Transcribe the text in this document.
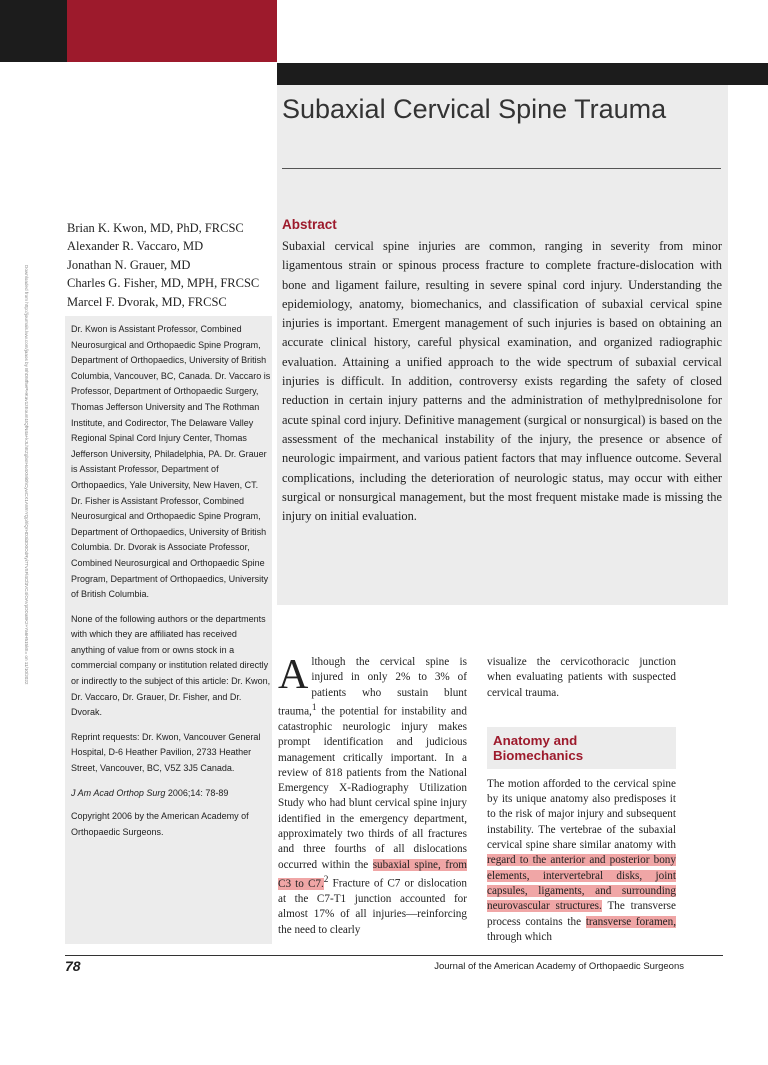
Subaxial Cervical Spine Trauma
Downloaded from http://journals.lww.com/jaaos by BhDMf5ePHKav1zEoum1tQfN4a+kJLhEZgbsIHo4XMi0hCywCX1AWnYQp/IlQrHD3i3D0OdRyi7TvSFl4Cf3VC4/OAVpDDa8K2+Ya6H515kE= on 11/10/2022
Brian K. Kwon, MD, PhD, FRCSC
Alexander R. Vaccaro, MD
Jonathan N. Grauer, MD
Charles G. Fisher, MD, MPH, FRCSC
Marcel F. Dvorak, MD, FRCSC

Dr. Kwon is Assistant Professor, Combined Neurosurgical and Orthopaedic Spine Program, Department of Orthopaedics, University of British Columbia, Vancouver, BC, Canada. Dr. Vaccaro is Professor, Department of Orthopaedic Surgery, Thomas Jefferson University and The Rothman Institute, and Codirector, The Delaware Valley Regional Spinal Cord Injury Center, Thomas Jefferson University, Philadelphia, PA. Dr. Grauer is Assistant Professor, Department of Orthopaedics, Yale University, New Haven, CT. Dr. Fisher is Assistant Professor, Combined Neurosurgical and Orthopaedic Spine Program, Department of Orthopaedics, University of British Columbia. Dr. Dvorak is Associate Professor, Combined Neurosurgical and Orthopaedic Spine Program, Department of Orthopaedics, University of British Columbia.

None of the following authors or the departments with which they are affiliated has received anything of value from or owns stock in a commercial company or institution related directly or indirectly to the subject of this article: Dr. Kwon, Dr. Vaccaro, Dr. Grauer, Dr. Fisher, and Dr. Dvorak.

Reprint requests: Dr. Kwon, Vancouver General Hospital, D-6 Heather Pavilion, 2733 Heather Street, Vancouver, BC, V5Z 3J5 Canada.

J Am Acad Orthop Surg 2006;14: 78-89

Copyright 2006 by the American Academy of Orthopaedic Surgeons.

Abstract

Subaxial cervical spine injuries are common, ranging in severity from minor ligamentous strain or spinous process fracture to complete fracture-dislocation with bone and ligament failure, resulting in severe spinal cord injury. Understanding the epidemiology, anatomy, biomechanics, and classification of subaxial cervical spine injuries is important. Emergent management of such injuries is based on obtaining an accurate clinical history, careful physical examination, and organized radiographic evaluation. Attaining a unified approach to the wide spectrum of subaxial cervical injuries is difficult. In addition, controversy exists regarding the safety of closed reduction in certain injury patterns and the administration of methylprednisolone for acute spinal cord injury. Definitive management (surgical or nonsurgical) is based on the assessment of the mechanical instability of the injury, the presence or absence of neurologic impairment, and various patient factors that may influence outcome. Several complications, including the deterioration of neurologic status, may occur with either surgical or nonsurgical management, but the most frequent mistake made is missing the injury on initial evaluation.

Although the cervical spine is injured in only 2% to 3% of patients who sustain blunt trauma,$^1$ the potential for instability and catastrophic neurologic injury makes prompt identification and judicious management critically important. In a review of 818 patients from the National Emergency X-Radiography Utilization Study who had blunt cervical spine injury identified in the emergency department, approximately two thirds of all fractures and three fourths of all dislocations occurred within the subaxial spine, from C3 to C7.$^2$ Fracture of C7 or dislocation at the C7-T1 junction accounted for almost 17% of all injuries—reinforcing the need to clearly

visualize the cervicothoracic junction when evaluating patients with suspected cervical trauma.

Anatomy and Biomechanics

The motion afforded to the cervical spine by its unique anatomy also predisposes it to the risk of major injury and subsequent instability. The vertebrae of the subaxial cervical spine share similar anatomy with regard to the anterior and posterior bony elements, intervertebral disks, joint capsules, ligaments, and surrounding neurovascular structures. The transverse process contains the transverse foramen, through which

78	Journal of the American Academy of Orthopaedic Surgeons
